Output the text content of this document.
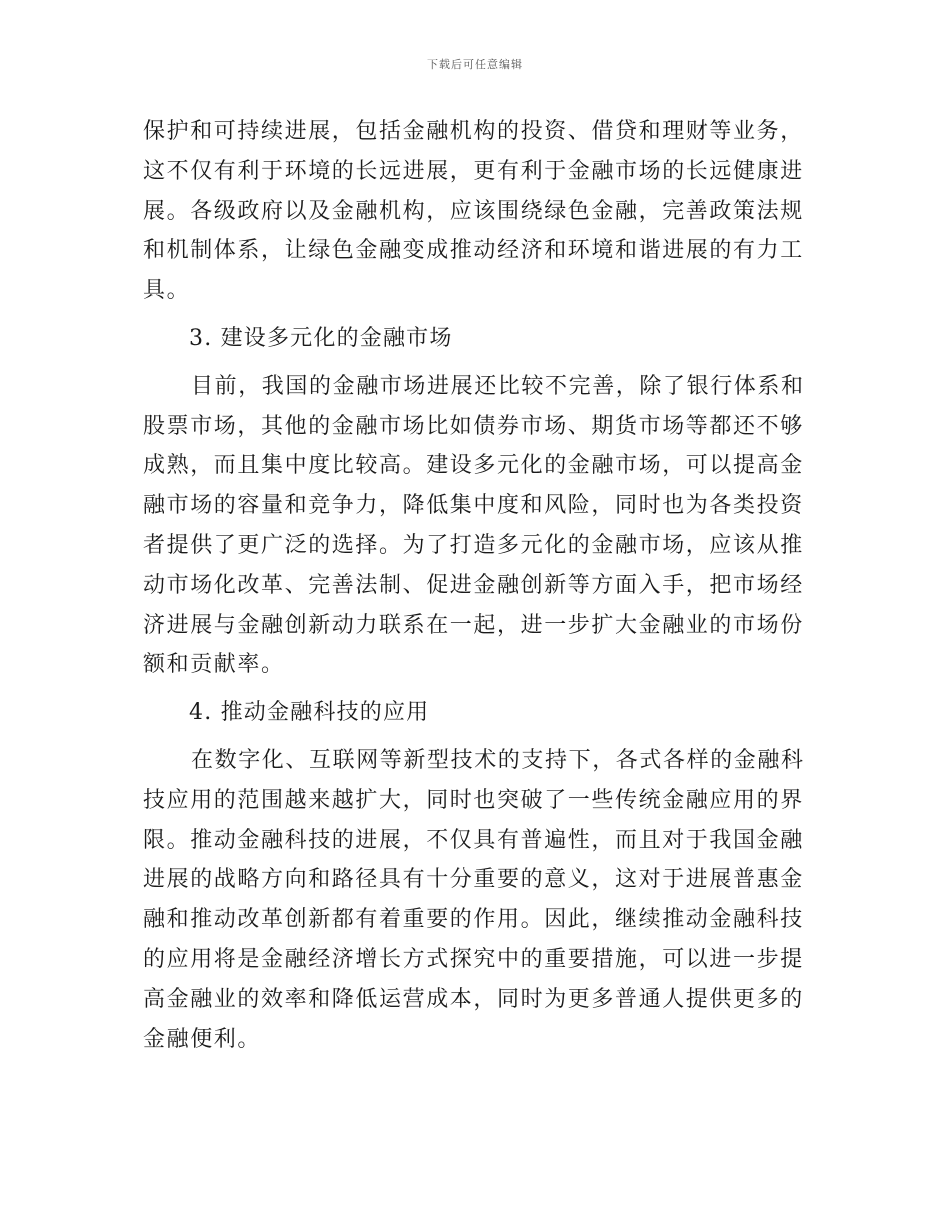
下载后可任意编辑

保护和可持续进展，包括金融机构的投资、借贷和理财等业务，这不仅有利于环境的长远进展，更有利于金融市场的长远健康进展。各级政府以及金融机构，应该围绕绿色金融，完善政策法规和机制体系，让绿色金融变成推动经济和环境和谐进展的有力工具。

3. 建设多元化的金融市场

目前，我国的金融市场进展还比较不完善，除了银行体系和股票市场，其他的金融市场比如债券市场、期货市场等都还不够成熟，而且集中度比较高。建设多元化的金融市场，可以提高金融市场的容量和竞争力，降低集中度和风险，同时也为各类投资者提供了更广泛的选择。为了打造多元化的金融市场，应该从推动市场化改革、完善法制、促进金融创新等方面入手，把市场经济进展与金融创新动力联系在一起，进一步扩大金融业的市场份额和贡献率。

4. 推动金融科技的应用

在数字化、互联网等新型技术的支持下，各式各样的金融科技应用的范围越来越扩大，同时也突破了一些传统金融应用的界限。推动金融科技的进展，不仅具有普遍性，而且对于我国金融进展的战略方向和路径具有十分重要的意义，这对于进展普惠金融和推动改革创新都有着重要的作用。因此，继续推动金融科技的应用将是金融经济增长方式探究中的重要措施，可以进一步提高金融业的效率和降低运营成本，同时为更多普通人提供更多的金融便利。
